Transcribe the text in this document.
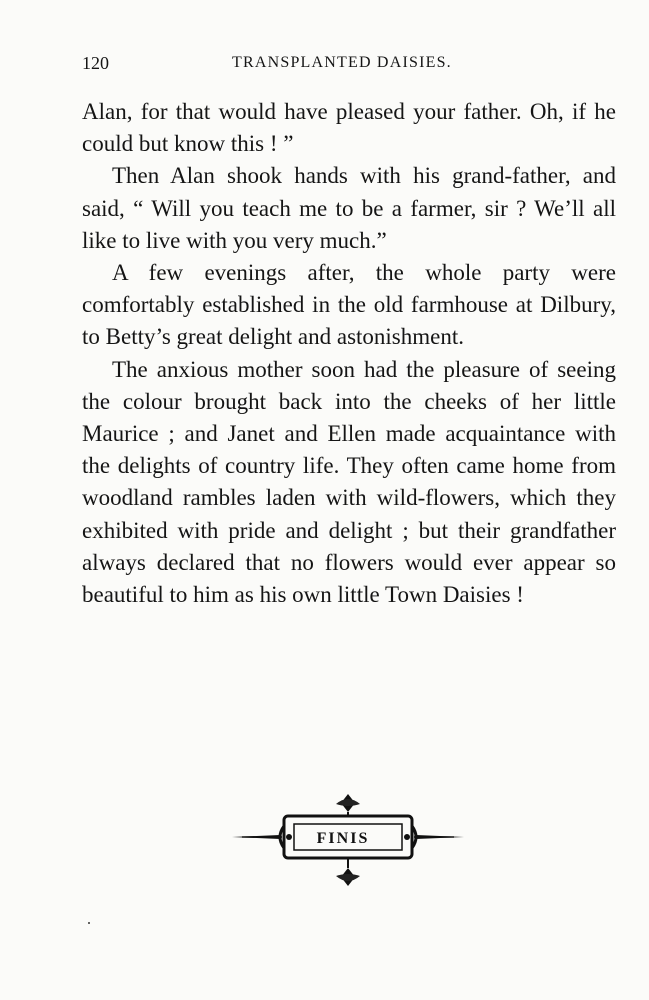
120	TRANSPLANTED DAISIES.

Alan, for that would have pleased your father. Oh, if he could but know this ! ”

Then Alan shook hands with his grand-father, and said, “ Will you teach me to be a farmer, sir ? We’ll all like to live with you very much.”

A few evenings after, the whole party were comfortably established in the old farmhouse at Dilbury, to Betty’s great delight and astonishment.

The anxious mother soon had the pleasure of seeing the colour brought back into the cheeks of her little Maurice ; and Janet and Ellen made acquaintance with the delights of country life. They often came home from woodland rambles laden with wild-flowers, which they exhibited with pride and delight ; but their grandfather always declared that no flowers would ever appear so beautiful to him as his own little Town Daisies !

FINIS
